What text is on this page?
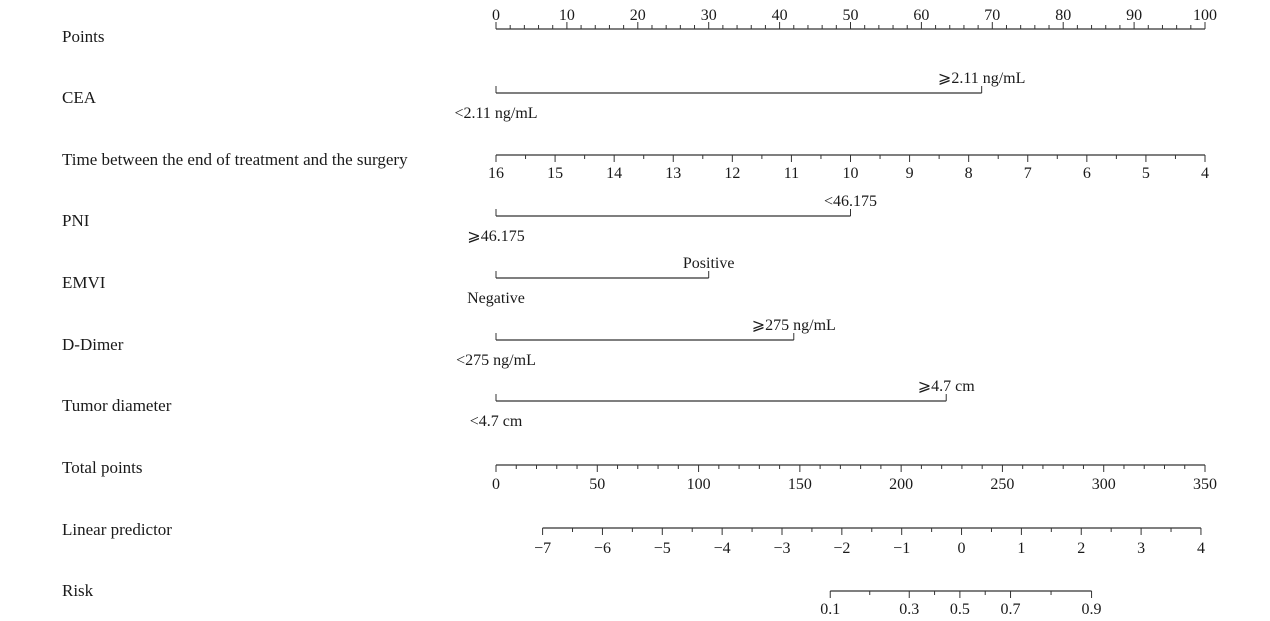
Points
0	10	20	30	40	50	60	70	80	90	100
CEA
⩾2.11 ng/mL
<2.11 ng/mL
Time between the end of treatment and the surgery
16	15	14	13	12	11	10	9	8	7	6	5	4
PNI
<46.175
⩾46.175
EMVI
Positive
Negative
D-Dimer
⩾275 ng/mL
<275 ng/mL
Tumor diameter
⩾4.7 cm
<4.7 cm
Total points
0	50	100	150	200	250	300	350
Linear predictor
−7	−6	−5	−4	−3	−2	−1	0	1	2	3	4
Risk
0.1	0.3 0.5 0.7	0.9
